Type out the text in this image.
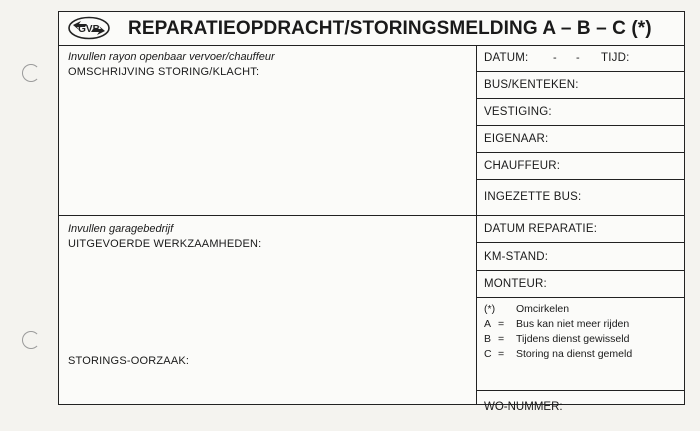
GVB REPARATIEOPDRACHT/STORINGSMELDING A – B – C (*)
Invullen rayon openbaar vervoer/chauffeur
OMSCHRIJVING STORING/KLACHT:
Invullen garagebedrijf
UITGEVOERDE WERKZAAMHEDEN:
STORINGS-OORZAAK:
DATUM: - - TIJD:
BUS/KENTEKEN:
VESTIGING:
EIGENAAR:
CHAUFFEUR:
INGEZETTE BUS:
DATUM REPARATIE:
KM-STAND:
MONTEUR:
(*) Omcirkelen
A = Bus kan niet meer rijden
B = Tijdens dienst gewisseld
C = Storing na dienst gemeld
WO-NUMMER:
